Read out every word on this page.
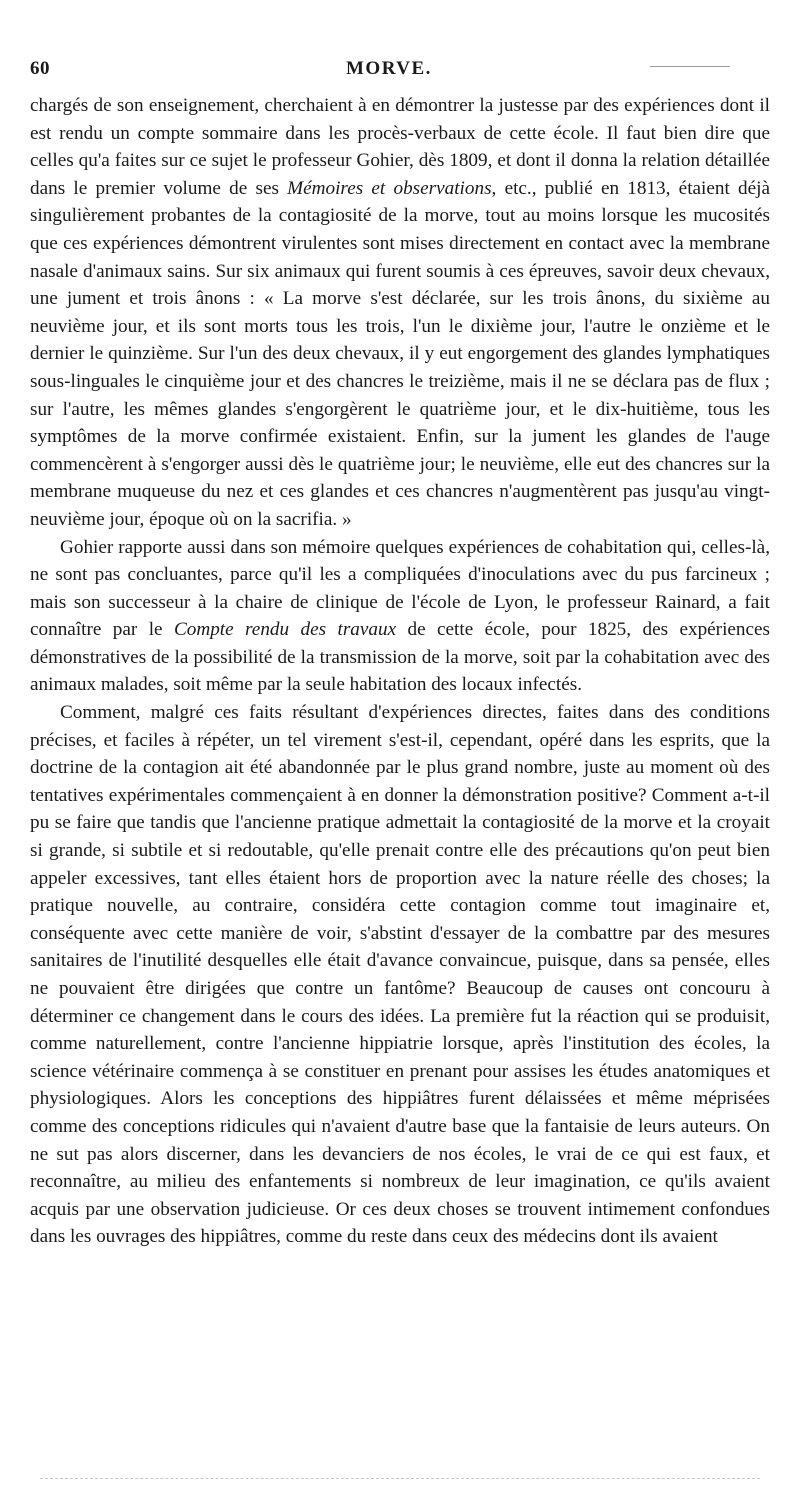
60	MORVE.

chargés de son enseignement, cherchaient à en démontrer la justesse par des expériences dont il est rendu un compte sommaire dans les procès-verbaux de cette école. Il faut bien dire que celles qu'a faites sur ce sujet le professeur Gohier, dès 1809, et dont il donna la relation détaillée dans le premier volume de ses Mémoires et observations, etc., publié en 1813, étaient déjà singulièrement probantes de la contagiosité de la morve, tout au moins lorsque les mucosités que ces expériences démontrent virulentes sont mises directement en contact avec la membrane nasale d'animaux sains. Sur six animaux qui furent soumis à ces épreuves, savoir deux chevaux, une jument et trois ânons : « La morve s'est déclarée, sur les trois ânons, du sixième au neuvième jour, et ils sont morts tous les trois, l'un le dixième jour, l'autre le onzième et le dernier le quinzième. Sur l'un des deux chevaux, il y eut engorgement des glandes lymphatiques sous-linguales le cinquième jour et des chancres le treizième, mais il ne se déclara pas de flux ; sur l'autre, les mêmes glandes s'engorgèrent le quatrième jour, et le dix-huitième, tous les symptômes de la morve confirmée existaient. Enfin, sur la jument les glandes de l'auge commencèrent à s'engorger aussi dès le quatrième jour; le neuvième, elle eut des chancres sur la membrane muqueuse du nez et ces glandes et ces chancres n'augmentèrent pas jusqu'au vingt-neuvième jour, époque où on la sacrifia. »

Gohier rapporte aussi dans son mémoire quelques expériences de cohabitation qui, celles-là, ne sont pas concluantes, parce qu'il les a compliquées d'inoculations avec du pus farcineux ; mais son successeur à la chaire de clinique de l'école de Lyon, le professeur Rainard, a fait connaître par le Compte rendu des travaux de cette école, pour 1825, des expériences démonstratives de la possibilité de la transmission de la morve, soit par la cohabitation avec des animaux malades, soit même par la seule habitation des locaux infectés.

Comment, malgré ces faits résultant d'expériences directes, faites dans des conditions précises, et faciles à répéter, un tel virement s'est-il, cependant, opéré dans les esprits, que la doctrine de la contagion ait été abandonnée par le plus grand nombre, juste au moment où des tentatives expérimentales commençaient à en donner la démonstration positive? Comment a-t-il pu se faire que tandis que l'ancienne pratique admettait la contagiosité de la morve et la croyait si grande, si subtile et si redoutable, qu'elle prenait contre elle des précautions qu'on peut bien appeler excessives, tant elles étaient hors de proportion avec la nature réelle des choses; la pratique nouvelle, au contraire, considéra cette contagion comme tout imaginaire et, conséquente avec cette manière de voir, s'abstint d'essayer de la combattre par des mesures sanitaires de l'inutilité desquelles elle était d'avance convaincue, puisque, dans sa pensée, elles ne pouvaient être dirigées que contre un fantôme? Beaucoup de causes ont concouru à déterminer ce changement dans le cours des idées. La première fut la réaction qui se produisit, comme naturellement, contre l'ancienne hippiatrie lorsque, après l'institution des écoles, la science vétérinaire commença à se constituer en prenant pour assises les études anatomiques et physiologiques. Alors les conceptions des hippiâtres furent délaissées et même méprisées comme des conceptions ridicules qui n'avaient d'autre base que la fantaisie de leurs auteurs. On ne sut pas alors discerner, dans les devanciers de nos écoles, le vrai de ce qui est faux, et reconnaître, au milieu des enfantements si nombreux de leur imagination, ce qu'ils avaient acquis par une observation judicieuse. Or ces deux choses se trouvent intimement confondues dans les ouvrages des hippiâtres, comme du reste dans ceux des médecins dont ils avaient
